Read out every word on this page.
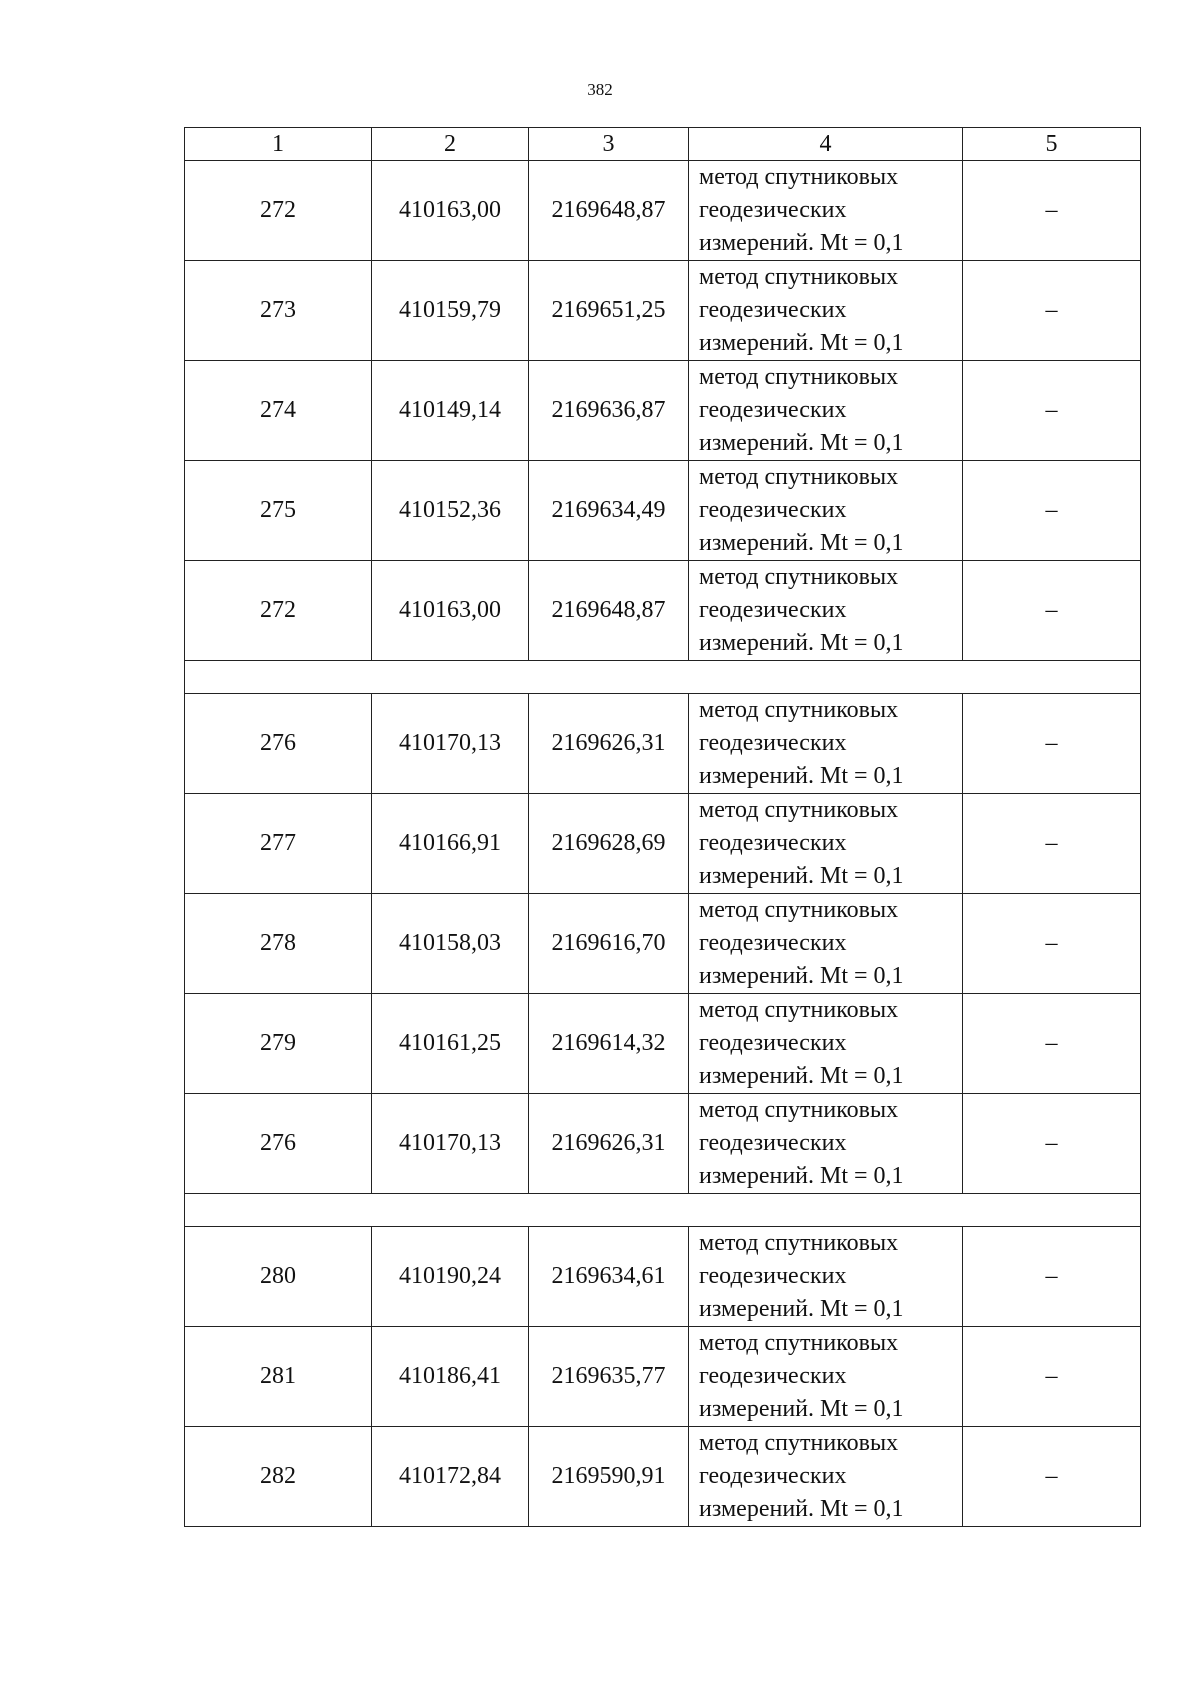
382
1	2	3	4	5
272	410163,00	2169648,87	метод спутниковых
геодезических
измерений. Mt = 0,1	–
273	410159,79	2169651,25	метод спутниковых
геодезических
измерений. Mt = 0,1	–
274	410149,14	2169636,87	метод спутниковых
геодезических
измерений. Mt = 0,1	–
275	410152,36	2169634,49	метод спутниковых
геодезических
измерений. Mt = 0,1	–
272	410163,00	2169648,87	метод спутниковых
геодезических
измерений. Mt = 0,1	–

276	410170,13	2169626,31	метод спутниковых
геодезических
измерений. Mt = 0,1	–
277	410166,91	2169628,69	метод спутниковых
геодезических
измерений. Mt = 0,1	–
278	410158,03	2169616,70	метод спутниковых
геодезических
измерений. Mt = 0,1	–
279	410161,25	2169614,32	метод спутниковых
геодезических
измерений. Mt = 0,1	–
276	410170,13	2169626,31	метод спутниковых
геодезических
измерений. Mt = 0,1	–

280	410190,24	2169634,61	метод спутниковых
геодезических
измерений. Mt = 0,1	–
281	410186,41	2169635,77	метод спутниковых
геодезических
измерений. Mt = 0,1	–
282	410172,84	2169590,91	метод спутниковых
геодезических
измерений. Mt = 0,1	–
